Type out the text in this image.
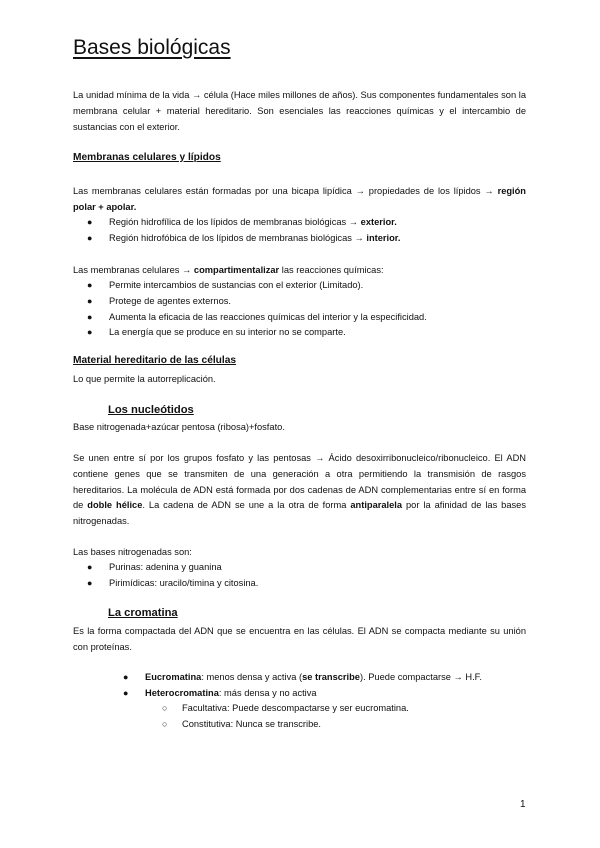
Bases biológicas

La unidad mínima de la vida → célula (Hace miles millones de años). Sus componentes fundamentales son la membrana celular + material hereditario. Son esenciales las reacciones químicas y el intercambio de sustancias con el exterior.

Membranas celulares y lípidos

Las membranas celulares están formadas por una bicapa lipídica → propiedades de los lípidos → región polar + apolar.

● Región hidrofílica de los lípidos de membranas biológicas → exterior.
● Región hidrofóbica de los lípidos de membranas biológicas → interior.

Las membranas celulares → compartimentalizar las reacciones químicas:

● Permite intercambios de sustancias con el exterior (Limitado).
● Protege de agentes externos.
● Aumenta la eficacia de las reacciones químicas del interior y la especificidad.
● La energía que se produce en su interior no se comparte.
Material hereditario de las células

Lo que permite la autorreplicación.

Los nucleótidos

Base nitrogenada+azúcar pentosa (ribosa)+fosfato.

Se unen entre sí por los grupos fosfato y las pentosas → Ácido desoxirribonucleico/ribonucleico. El ADN contiene genes que se transmiten de una generación a otra permitiendo la transmisión de rasgos hereditarios. La molécula de ADN está formada por dos cadenas de ADN complementarias entre sí en forma de doble hélice. La cadena de ADN se une a la otra de forma antiparalela por la afinidad de las bases nitrogenadas.

Las bases nitrogenadas son:

● Purinas: adenina y guanina
● Pirimídicas: uracilo/timina y citosina.
La cromatina

Es la forma compactada del ADN que se encuentra en las células. El ADN se compacta mediante su unión con proteínas.

● Eucromatina: menos densa y activa (se transcribe). Puede compactarse → H.F.
● Heterocromatina: más densa y no activa
○ Facultativa: Puede descompactarse y ser eucromatina.
○ Constitutiva: Nunca se transcribe.
1
